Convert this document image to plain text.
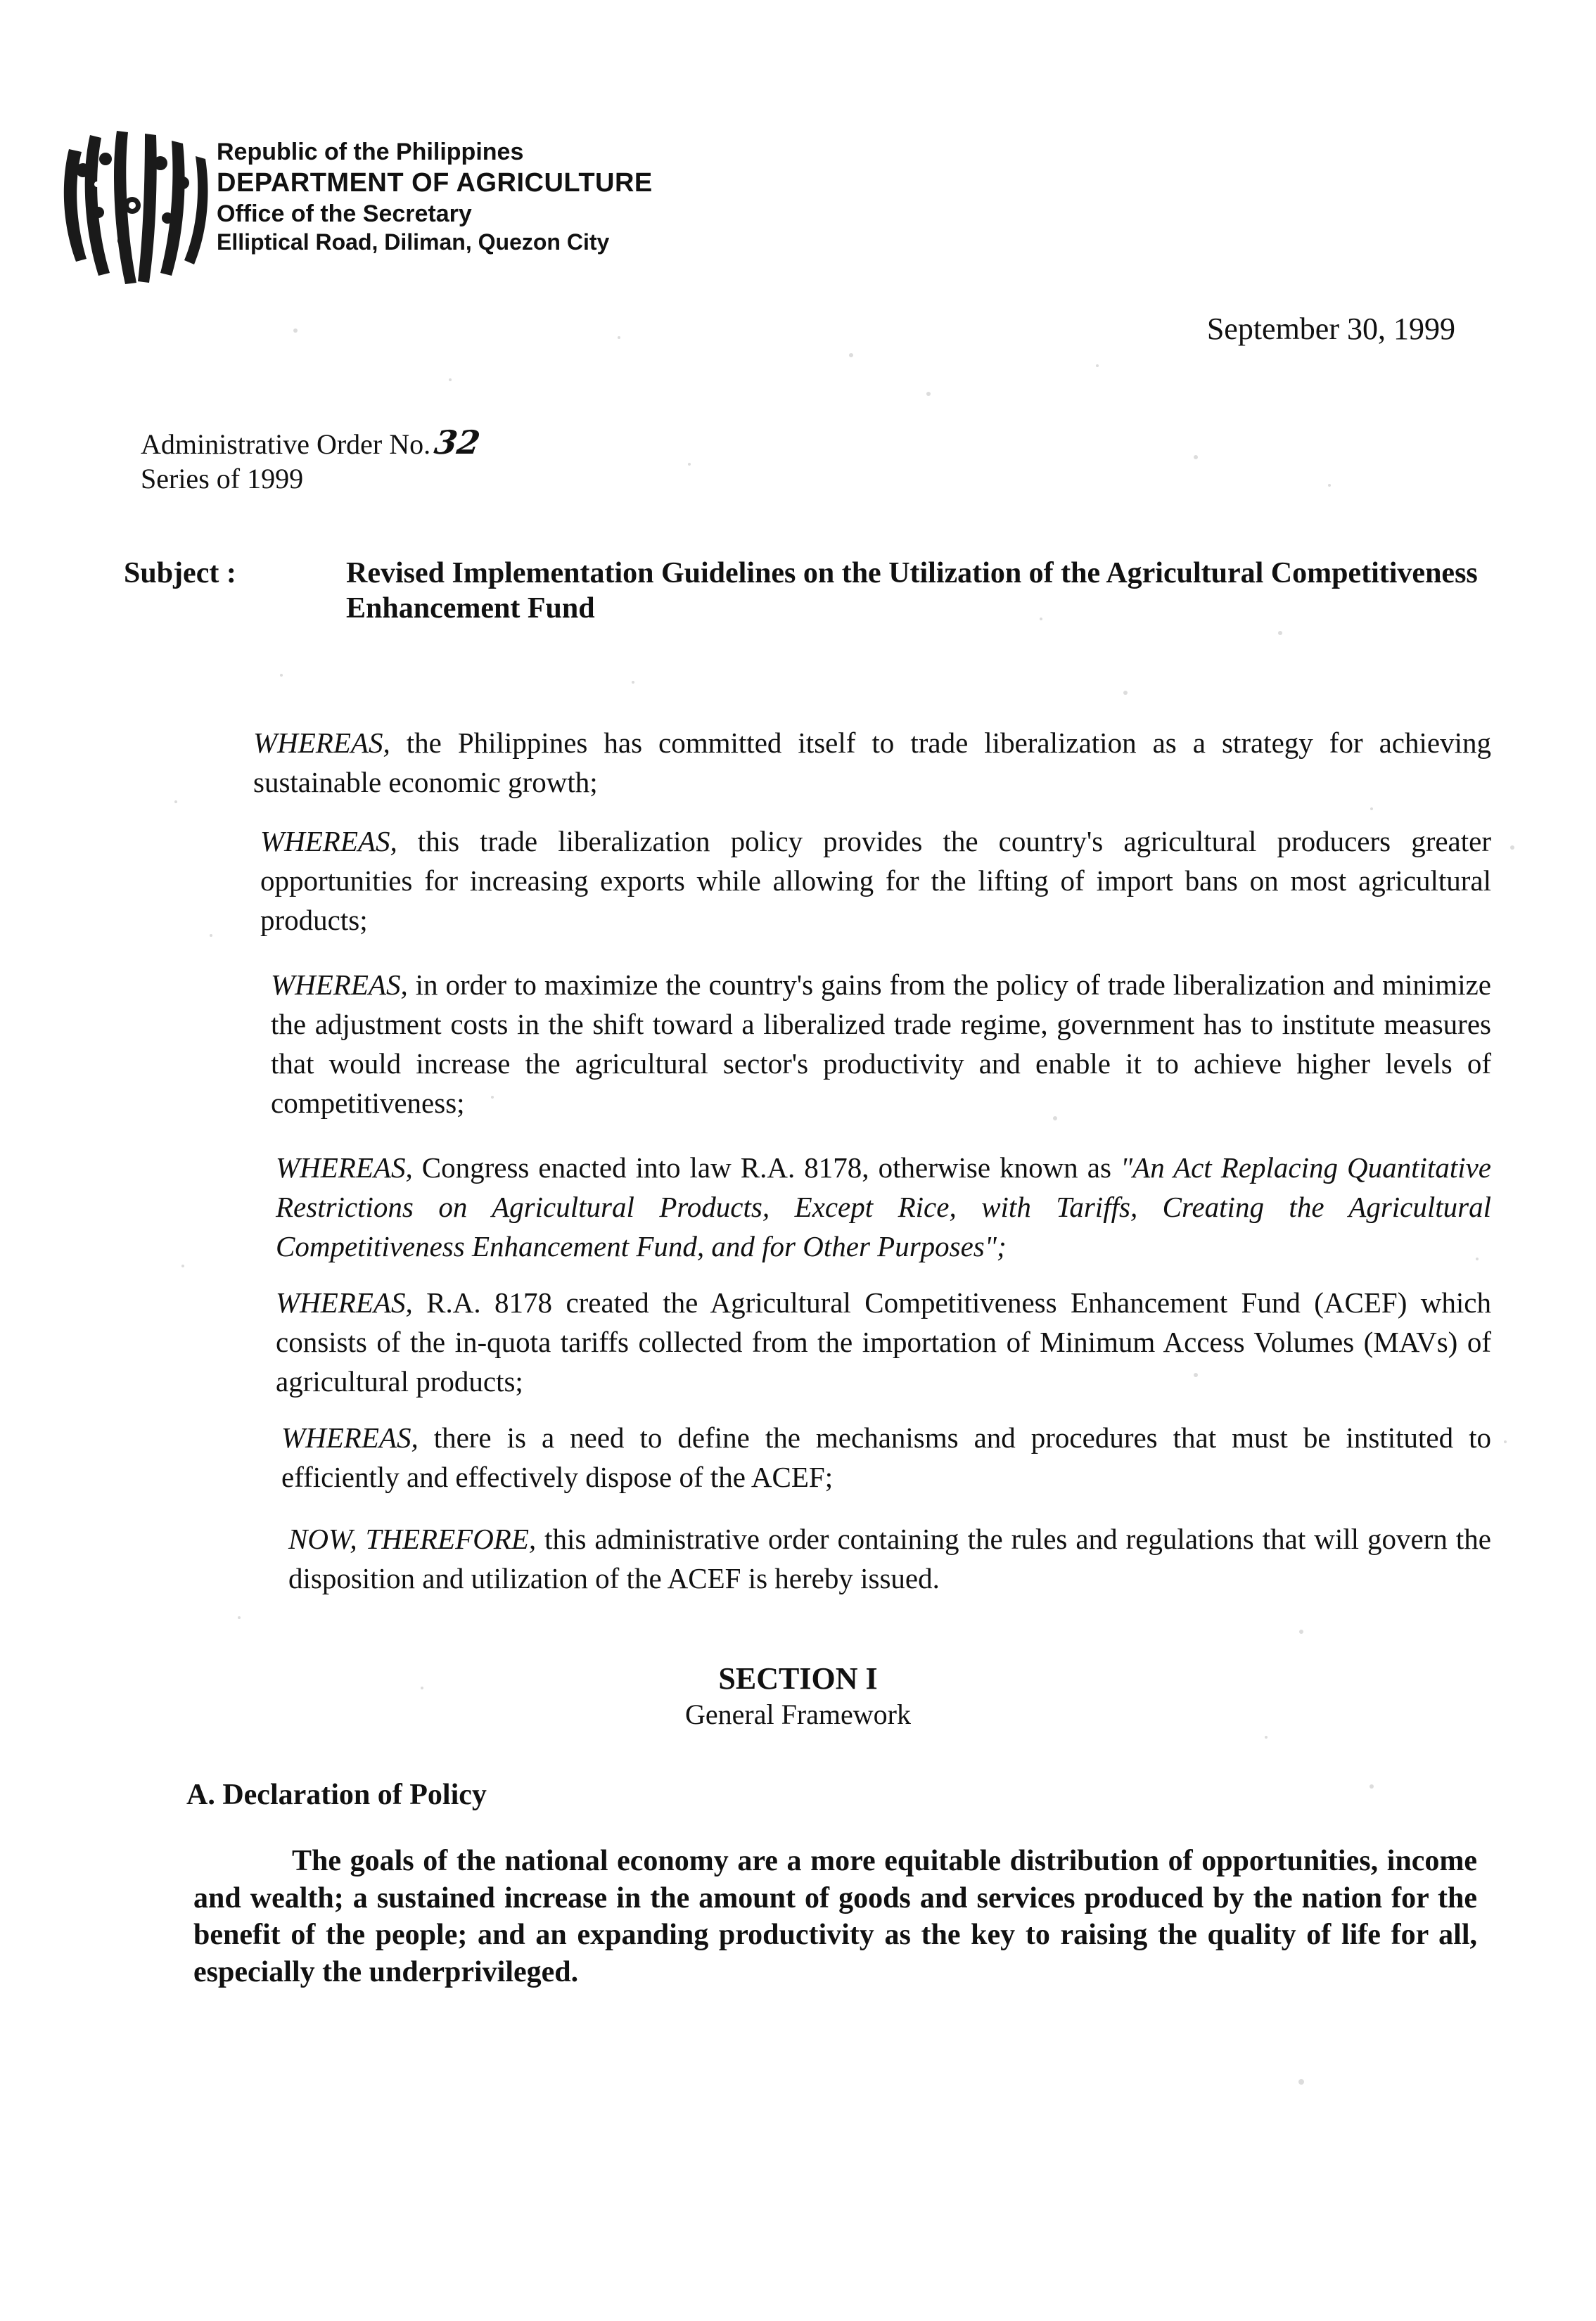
Republic of the Philippines
DEPARTMENT OF AGRICULTURE
Office of the Secretary
Elliptical Road, Diliman, Quezon City
September 30, 1999
Administrative Order No.32
Series of 1999
Subject :	Revised Implementation Guidelines on the Utilization of the Agricultural Competitiveness Enhancement Fund
WHEREAS, the Philippines has committed itself to trade liberalization as a strategy for achieving sustainable economic growth;
WHEREAS, this trade liberalization policy provides the country's agricultural producers greater opportunities for increasing exports while allowing for the lifting of import bans on most agricultural products;
WHEREAS, in order to maximize the country's gains from the policy of trade liberalization and minimize the adjustment costs in the shift toward a liberalized trade regime, government has to institute measures that would increase the agricultural sector's productivity and enable it to achieve higher levels of competitiveness;
WHEREAS, Congress enacted into law R.A. 8178, otherwise known as "An Act Replacing Quantitative Restrictions on Agricultural Products, Except Rice, with Tariffs, Creating the Agricultural Competitiveness Enhancement Fund, and for Other Purposes";
WHEREAS, R.A. 8178 created the Agricultural Competitiveness Enhancement Fund (ACEF) which consists of the in-quota tariffs collected from the importation of Minimum Access Volumes (MAVs) of agricultural products;
WHEREAS, there is a need to define the mechanisms and procedures that must be instituted to efficiently and effectively dispose of the ACEF;
NOW, THEREFORE, this administrative order containing the rules and regulations that will govern the disposition and utilization of the ACEF is hereby issued.
SECTION I
General Framework
A. Declaration of Policy
The goals of the national economy are a more equitable distribution of opportunities, income and wealth; a sustained increase in the amount of goods and services produced by the nation for the benefit of the people; and an expanding productivity as the key to raising the quality of life for all, especially the underprivileged.
